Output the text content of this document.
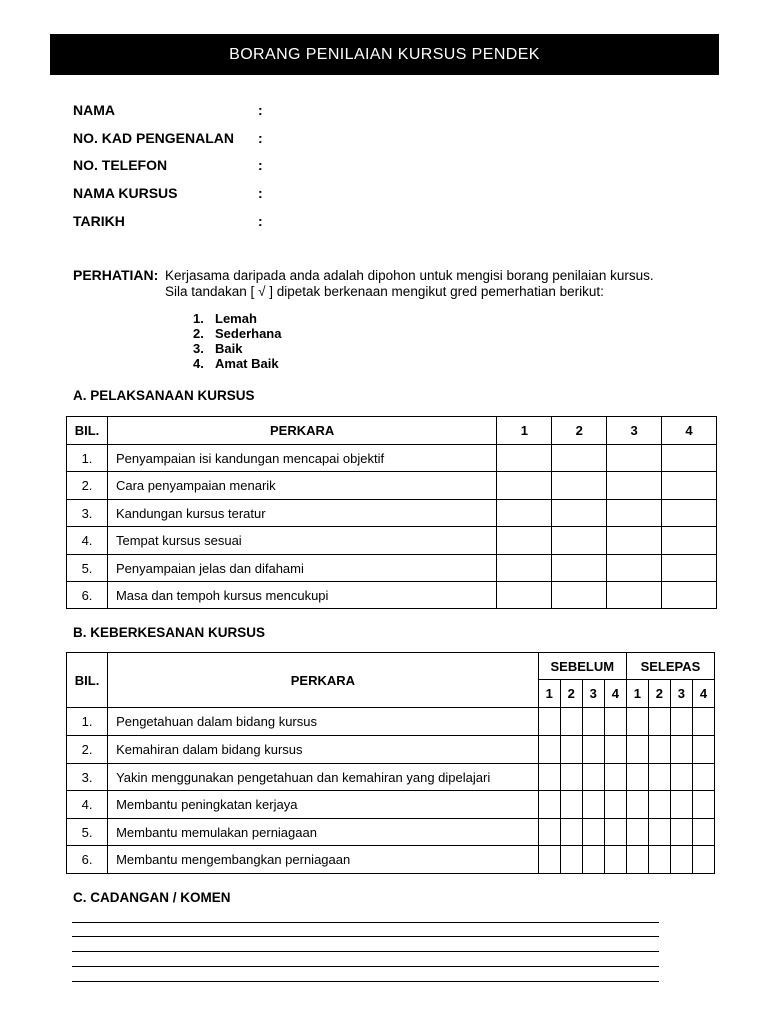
BORANG PENILAIAN KURSUS PENDEK
NAMA	:
NO. KAD PENGENALAN :
NO. TELEFON	:
NAMA KURSUS	:
TARIKH	:
PERHATIAN: Kerjasama daripada anda adalah dipohon untuk mengisi borang penilaian kursus.
Sila tandakan [ √ ] dipetak berkenaan mengikut gred pemerhatian berikut:
1. Lemah
2. Sederhana
3. Baik
4. Amat Baik
A. PELAKSANAAN KURSUS
BIL.	PERKARA	1	2	3	4
1.	Penyampaian isi kandungan mencapai objektif				
2.	Cara penyampaian menarik				
3.	Kandungan kursus teratur				
4.	Tempat kursus sesuai				
5.	Penyampaian jelas dan difahami				
6.	Masa dan tempoh kursus mencukupi				
B. KEBERKESANAN KURSUS
BIL.	PERKARA	SEBELUM				SELEPAS			
		1	2	3	4	1	2	3	4
1.	Pengetahuan dalam bidang kursus								
2.	Kemahiran dalam bidang kursus								
3.	Yakin menggunakan pengetahuan dan kemahiran yang dipelajari								
4.	Membantu peningkatan kerjaya								
5.	Membantu memulakan perniagaan								
6.	Membantu mengembangkan perniagaan								
C. CADANGAN / KOMEN
